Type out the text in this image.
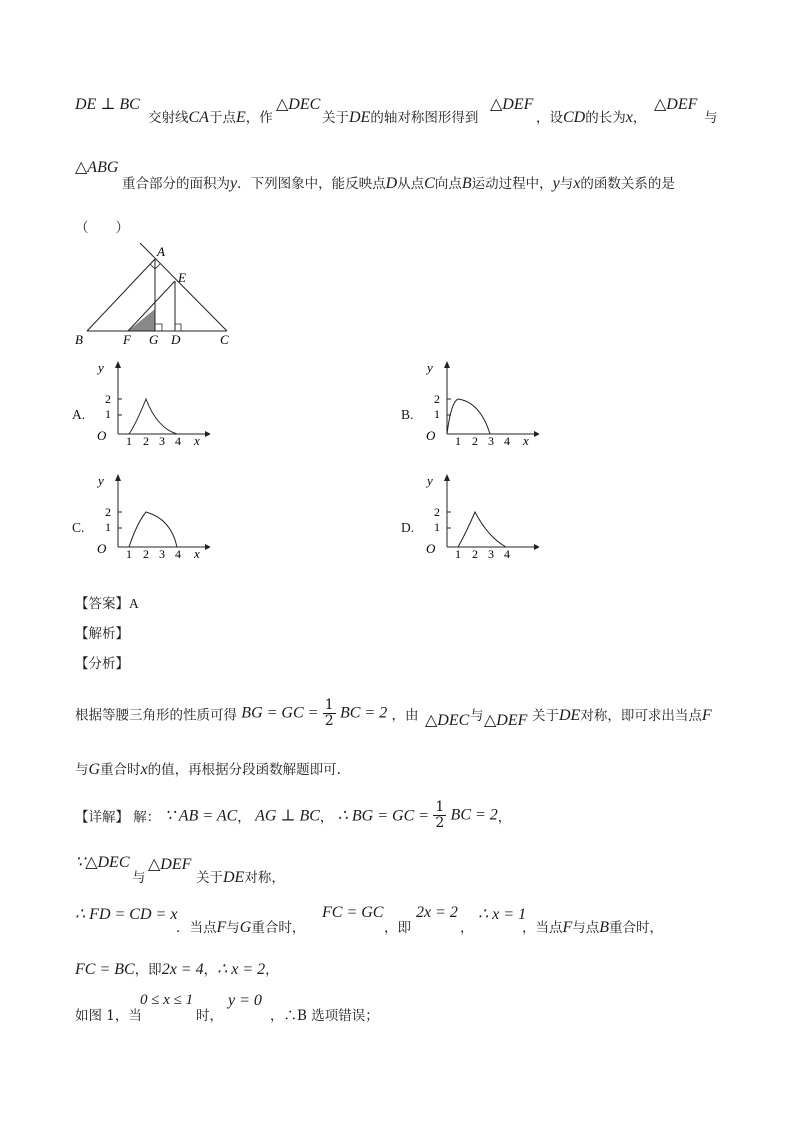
DE ⊥ BC
交射线CA于点E，作
△DEC
关于DE的轴对称图形得到
△DEF
，设CD的长为x，
△DEF
与
△ABG
重合部分的面积为y．下列图象中，能反映点D从点C向点B运动过程中，y与x的函数关系的是
（　　）
A
E
B	F G D	C
A.
y
O
2
1
1 2 3 4 x
B.
y
O
2
1
1 2 3 4 x
C.
y
O
2
1
1 2 3 4 x
D.
y
O
2
1
1 2 3 4
【答案】A
【解析】
【分析】
根据等腰三角形的性质可得 BG = GC = $\frac{1}{2}$ BC = 2 ，由 △DEC 与 △DEF 关于DE对称，即可求出当点F
与G重合时x的值，再根据分段函数解题即可.
【详解】 解： ∵ AB = AC， AG ⊥ BC， ∴ BG = GC = $\frac{1}{2}$ BC = 2，
∵△DEC
与
△DEF
关于DE对称，
∴ FD = CD = x
．当点F与G重合时，
FC = GC
，即
2x = 2
，
∴ x = 1
，当点F与点B重合时，
FC = BC，即2x = 4，∴ x = 2，
如图 1，当
0 ≤ x ≤ 1
时，
y = 0
，∴B 选项错误；
